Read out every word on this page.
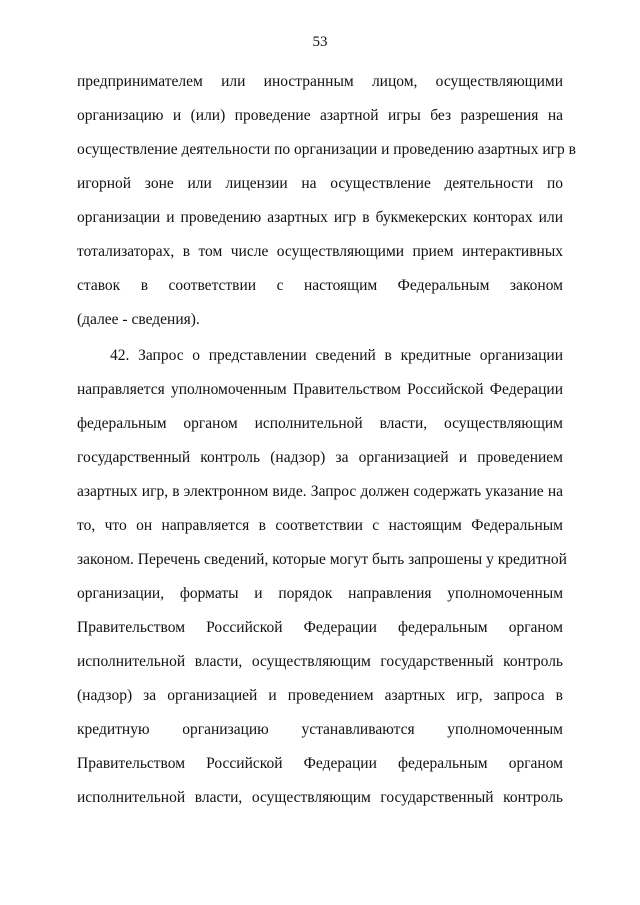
53
предпринимателем или иностранным лицом, осуществляющими
организацию и (или) проведение азартной игры без разрешения на
осуществление деятельности по организации и проведению азартных игр в
игорной зоне или лицензии на осуществление деятельности по
организации и проведению азартных игр в букмекерских конторах или
тотализаторах, в том числе осуществляющими прием интерактивных
ставок в соответствии с настоящим Федеральным законом
(далее - сведения).
42. Запрос о представлении сведений в кредитные организации
направляется уполномоченным Правительством Российской Федерации
федеральным органом исполнительной власти, осуществляющим
государственный контроль (надзор) за организацией и проведением
азартных игр, в электронном виде. Запрос должен содержать указание на
то, что он направляется в соответствии с настоящим Федеральным
законом. Перечень сведений, которые могут быть запрошены у кредитной
организации, форматы и порядок направления уполномоченным
Правительством Российской Федерации федеральным органом
исполнительной власти, осуществляющим государственный контроль
(надзор) за организацией и проведением азартных игр, запроса в
кредитную организацию устанавливаются уполномоченным
Правительством Российской Федерации федеральным органом
исполнительной власти, осуществляющим государственный контроль
